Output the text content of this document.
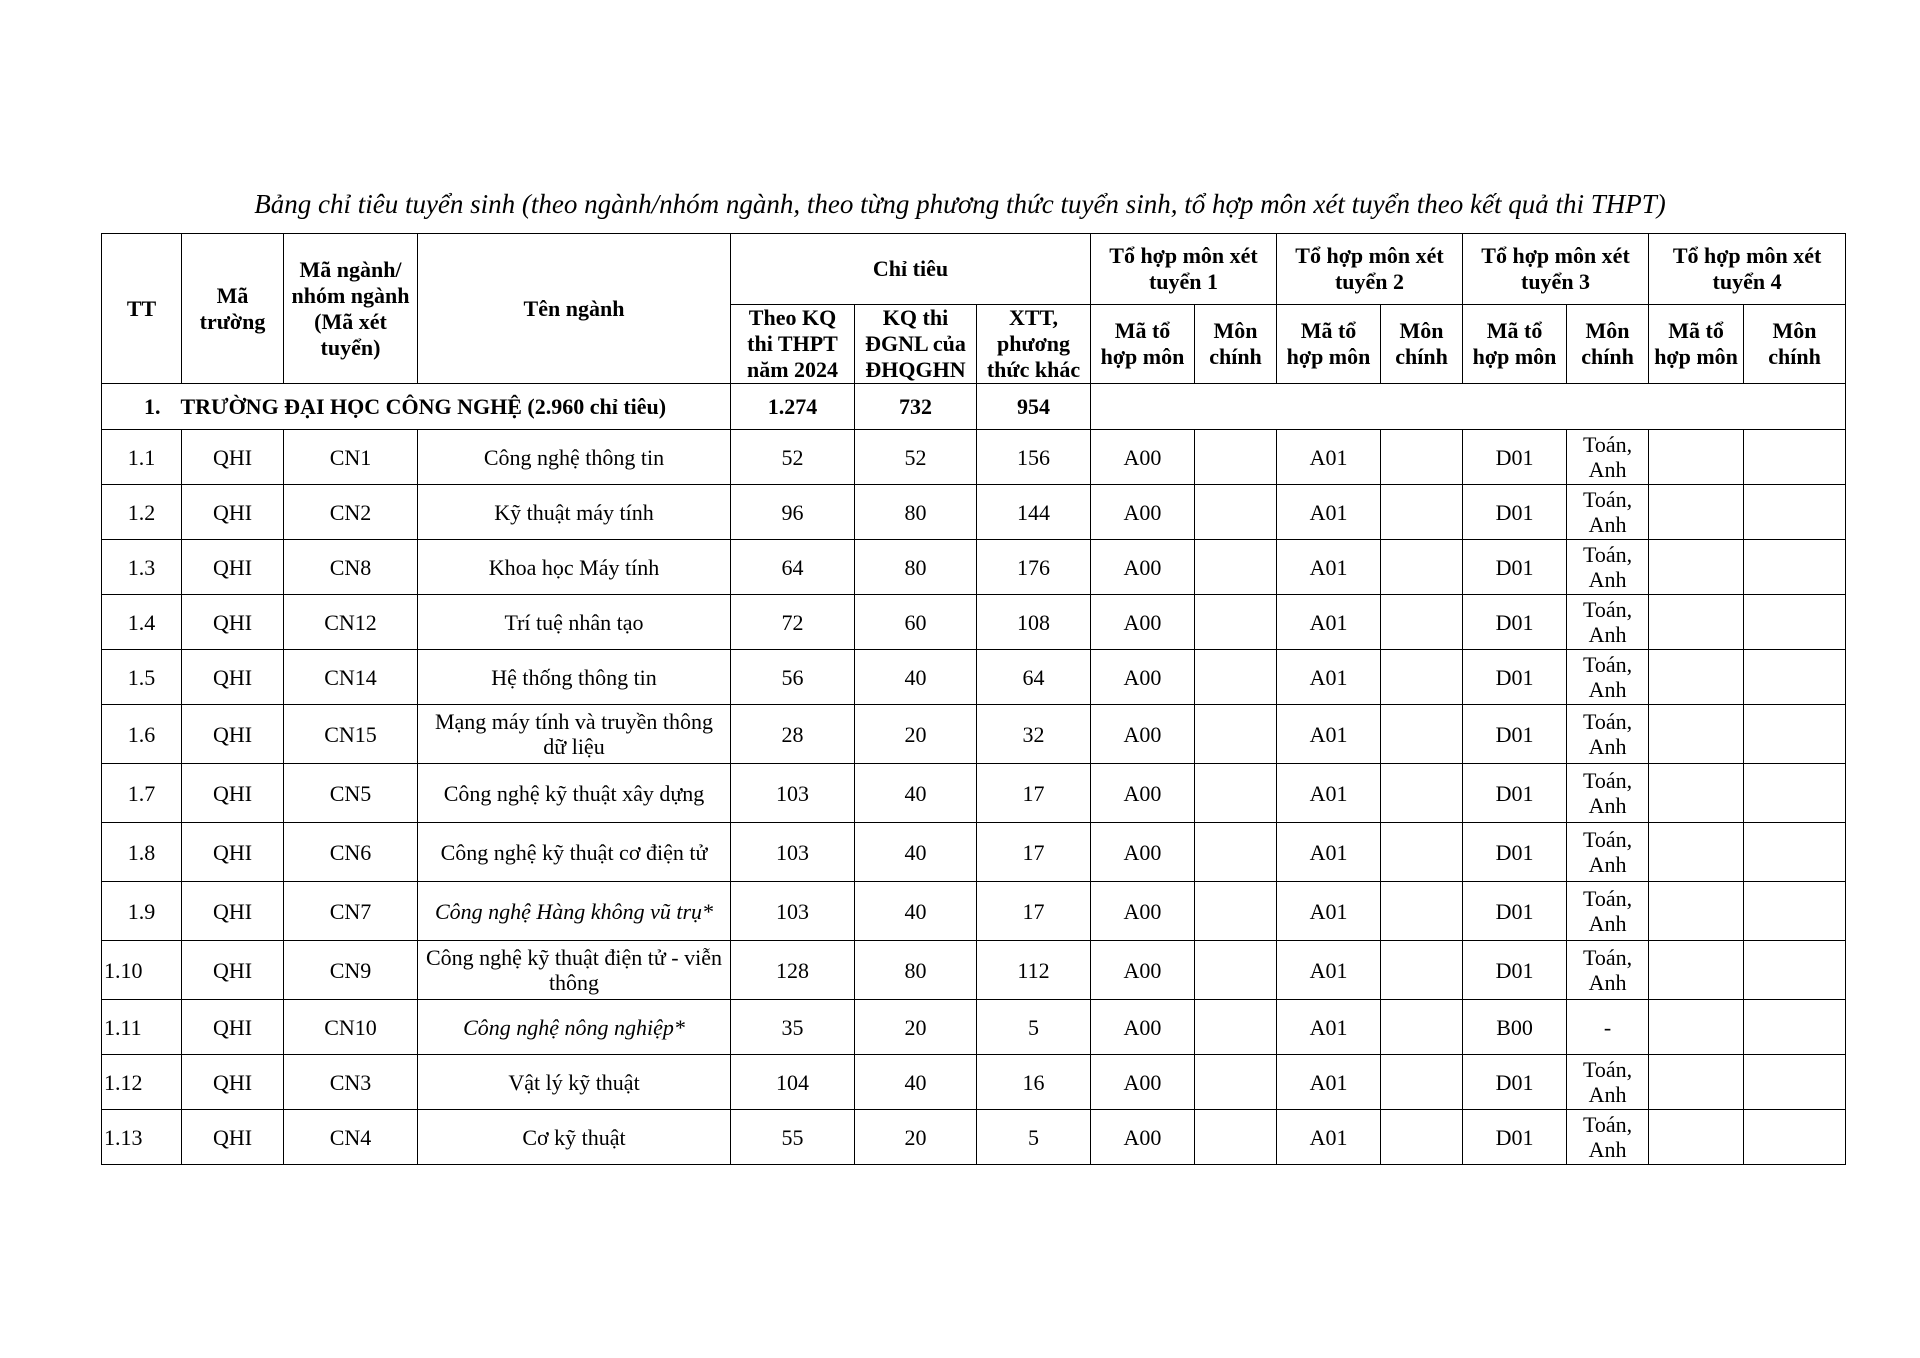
Bảng chỉ tiêu tuyển sinh (theo ngành/nhóm ngành, theo từng phương thức tuyển sinh, tổ hợp môn xét tuyển theo kết quả thi THPT)
TT	Mã trường	Mã ngành/ nhóm ngành (Mã xét tuyển)	Tên ngành	Chỉ tiêu			Tổ hợp môn xét tuyển 1		Tổ hợp môn xét tuyển 2		Tổ hợp môn xét tuyển 3		Tổ hợp môn xét tuyển 4	
				Theo KQ thi THPT năm 2024	KQ thi ĐGNL của ĐHQGHN	XTT, phương thức khác	Mã tổ hợp môn	Môn chính	Mã tổ hợp môn	Môn chính	Mã tổ hợp môn	Môn chính	Mã tổ hợp môn	Môn chính
1. TRƯỜNG ĐẠI HỌC CÔNG NGHỆ (2.960 chỉ tiêu)				1.274	732	954								
1.1	QHI	CN1	Công nghệ thông tin	52	52	156	A00		A01		D01	Toán, Anh		
1.2	QHI	CN2	Kỹ thuật máy tính	96	80	144	A00		A01		D01	Toán, Anh		
1.3	QHI	CN8	Khoa học Máy tính	64	80	176	A00		A01		D01	Toán, Anh		
1.4	QHI	CN12	Trí tuệ nhân tạo	72	60	108	A00		A01		D01	Toán, Anh		
1.5	QHI	CN14	Hệ thống thông tin	56	40	64	A00		A01		D01	Toán, Anh		
1.6	QHI	CN15	Mạng máy tính và truyền thông dữ liệu	28	20	32	A00		A01		D01	Toán, Anh		
1.7	QHI	CN5	Công nghệ kỹ thuật xây dựng	103	40	17	A00		A01		D01	Toán, Anh		
1.8	QHI	CN6	Công nghệ kỹ thuật cơ điện tử	103	40	17	A00		A01		D01	Toán, Anh		
1.9	QHI	CN7	Công nghệ Hàng không vũ trụ*	103	40	17	A00		A01		D01	Toán, Anh		
1.10	QHI	CN9	Công nghệ kỹ thuật điện tử - viễn thông	128	80	112	A00		A01		D01	Toán, Anh		
1.11	QHI	CN10	Công nghệ nông nghiệp*	35	20	5	A00		A01		B00	-		
1.12	QHI	CN3	Vật lý kỹ thuật	104	40	16	A00		A01		D01	Toán, Anh		
1.13	QHI	CN4	Cơ kỹ thuật	55	20	5	A00		A01		D01	Toán, Anh		
